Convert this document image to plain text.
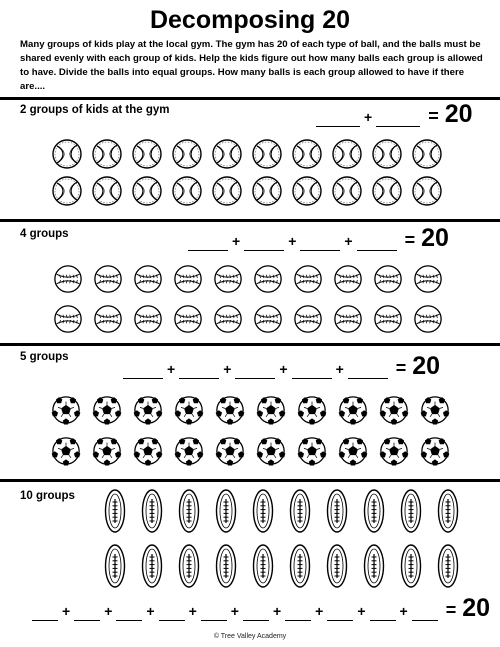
Decomposing 20
Many groups of kids play at the local gym. The gym has 20 of each type of ball, and the balls must be shared evenly with each group of kids. Help the kids figure out how many balls each group is allowed to have. Divide the balls into equal groups. How many balls is each group allowed to have if there are....
2 groups of kids at the gym	+	= 20
4 groups	+	+	+	= 20
5 groups
+	+	+	+	= 20
10 groups
+ + + + + + + + + = 20
© Tree Valley Academy
